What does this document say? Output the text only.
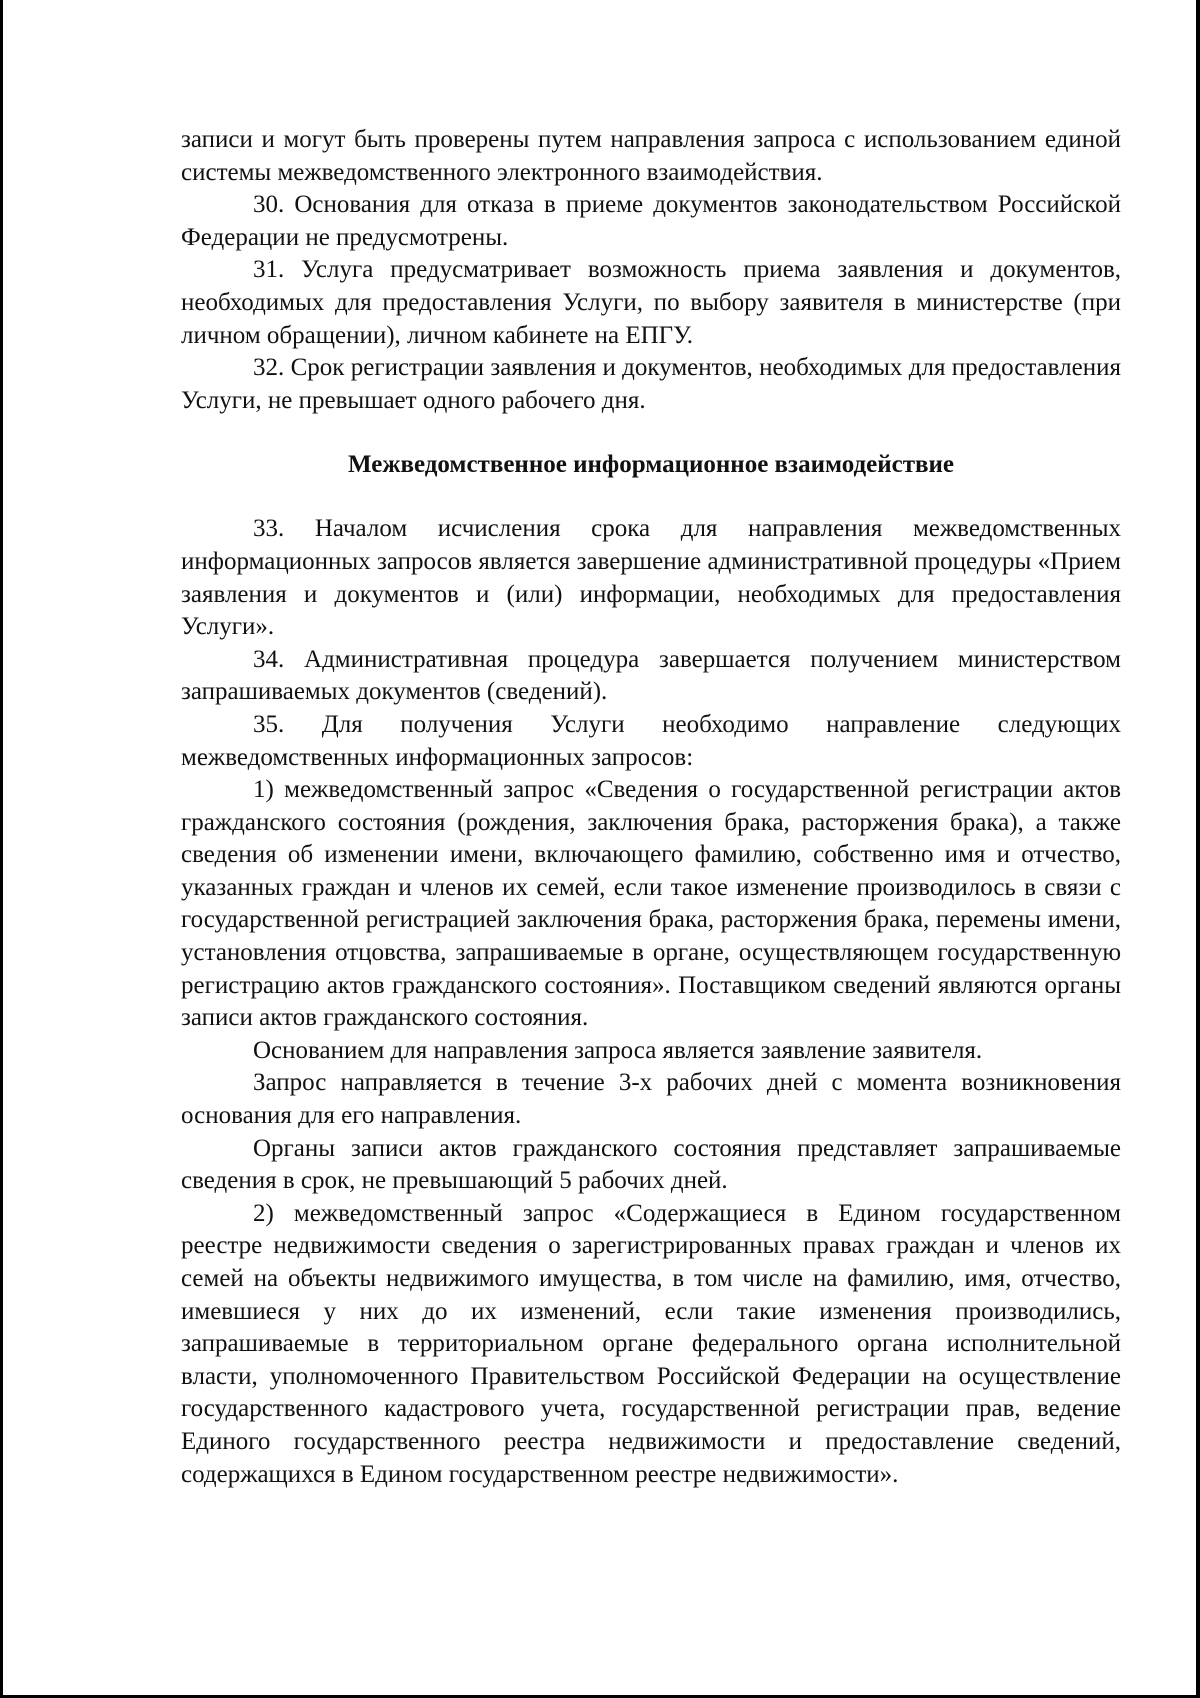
записи и могут быть проверены путем направления запроса с использованием единой системы межведомственного электронного взаимодействия.

30. Основания для отказа в приеме документов законодательством Российской Федерации не предусмотрены.

31. Услуга предусматривает возможность приема заявления и документов, необходимых для предоставления Услуги, по выбору заявителя в министерстве (при личном обращении), личном кабинете на ЕПГУ.

32. Срок регистрации заявления и документов, необходимых для предоставления Услуги, не превышает одного рабочего дня.

Межведомственное информационное взаимодействие

33. Началом исчисления срока для направления межведомственных информационных запросов является завершение административной процедуры «Прием заявления и документов и (или) информации, необходимых для предоставления Услуги».

34. Административная процедура завершается получением министерством запрашиваемых документов (сведений).

35. Для получения Услуги необходимо направление следующих межведомственных информационных запросов:

1) межведомственный запрос «Сведения о государственной регистрации актов гражданского состояния (рождения, заключения брака, расторжения брака), а также сведения об изменении имени, включающего фамилию, собственно имя и отчество, указанных граждан и членов их семей, если такое изменение производилось в связи с государственной регистрацией заключения брака, расторжения брака, перемены имени, установления отцовства, запрашиваемые в органе, осуществляющем государственную регистрацию актов гражданского состояния». Поставщиком сведений являются органы записи актов гражданского состояния.

Основанием для направления запроса является заявление заявителя.

Запрос направляется в течение 3-х рабочих дней с момента возникновения основания для его направления.

Органы записи актов гражданского состояния представляет запрашиваемые сведения в срок, не превышающий 5 рабочих дней.

2) межведомственный запрос «Содержащиеся в Едином государственном реестре недвижимости сведения о зарегистрированных правах граждан и членов их семей на объекты недвижимого имущества, в том числе на фамилию, имя, отчество, имевшиеся у них до их изменений, если такие изменения производились, запрашиваемые в территориальном органе федерального органа исполнительной власти, уполномоченного Правительством Российской Федерации на осуществление государственного кадастрового учета, государственной регистрации прав, ведение Единого государственного реестра недвижимости и предоставление сведений, содержащихся в Едином государственном реестре недвижимости».
